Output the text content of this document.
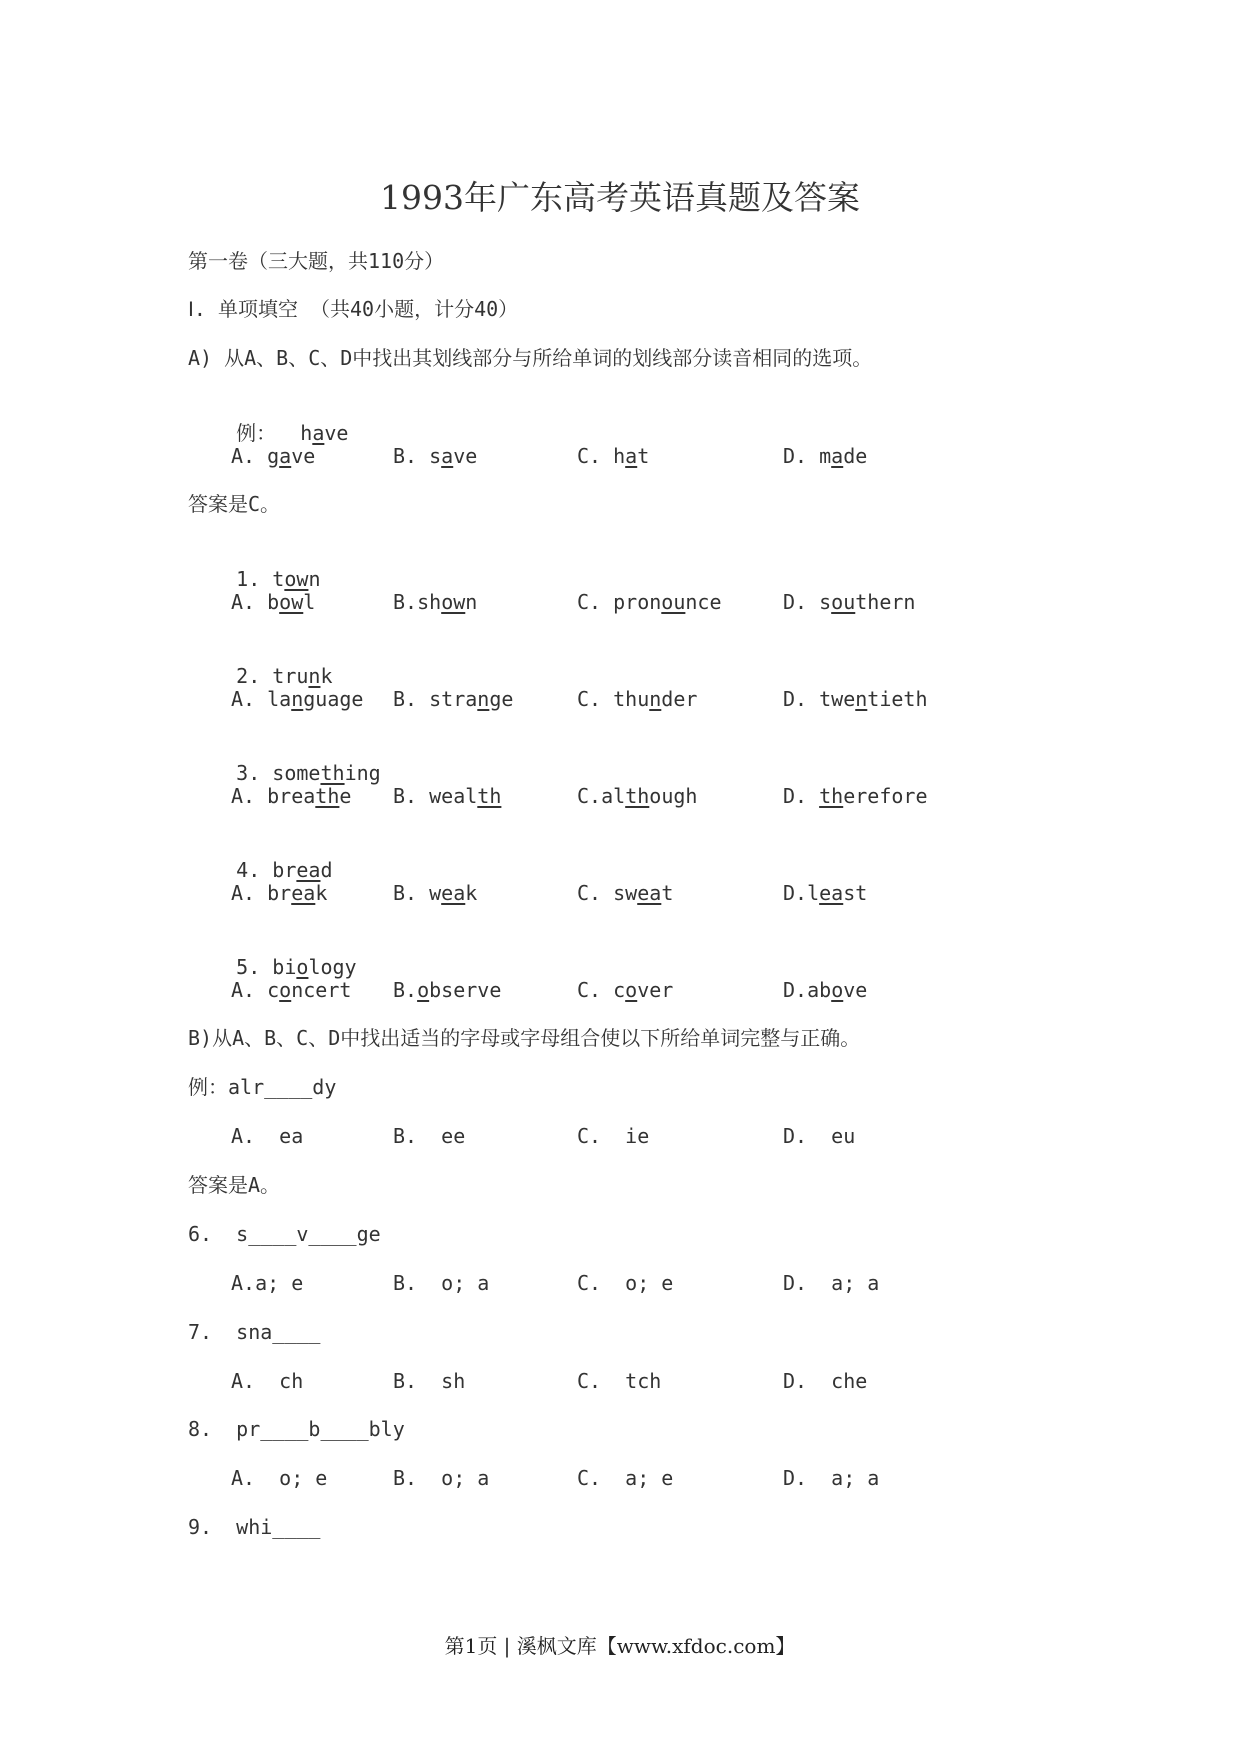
1993年广东高考英语真题及答案
第一卷（三大题，共110分）
Ⅰ. 单项填空 （共40小题，计分40）
A) 从A、B、C、D中找出其划线部分与所给单词的划线部分读音相同的选项。

例： have

A. gave

	B. save

	C. hat

	D. made

答案是C。

1. town

A. bowl

	B.shown

	C. pronounce

	D. southern

2. trunk

A. language

B. strange

	C. thunder

	D. twentieth

3. something

A. breathe

B. wealth

	C.although

	D. therefore

4. bread

A. break

	B. weak

	C. sweat

	D.least

5. biology

A. concert

B.observe

	C. cover

	D.above

B)从A、B、C、D中找出适当的字母或字母组合使以下所给单词完整与正确。
例：alr____dy

A.  ea

	B.  ee

	C.  ie

	D.  eu

答案是A。
6.  s____v____ge

A.a; e

	B.  o; a

	C.  o; e

	D.  a; a

7.  sna____

A.  ch

	B.  sh

	C.  tch

	D.  che

8.  pr____b____bly

A.  o; e

	B.  o; a

	C.  a; e

	D.  a; a

9.  whi____
第1页 | 溪枫文库【www.xfdoc.com】
